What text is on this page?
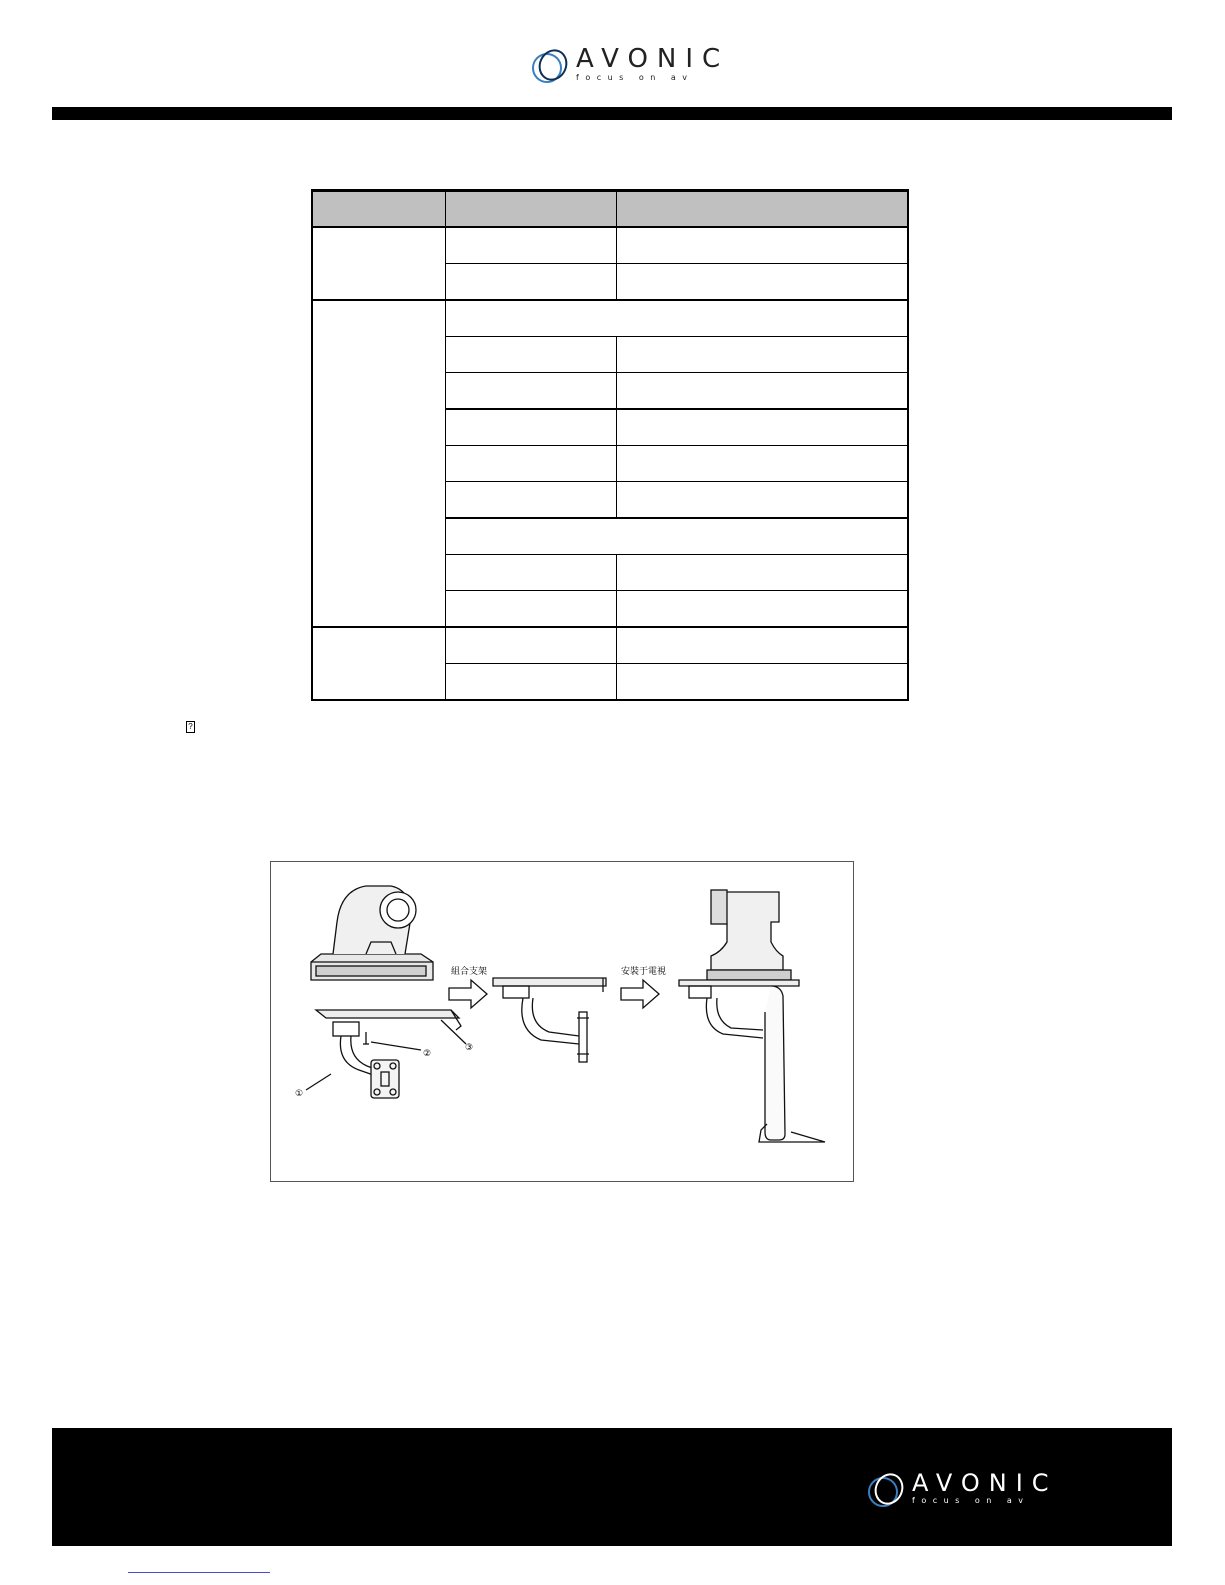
AVONIC
focus on av

?
組合支架	安裝于電視
①
②
③
AVONIC
focus on av
